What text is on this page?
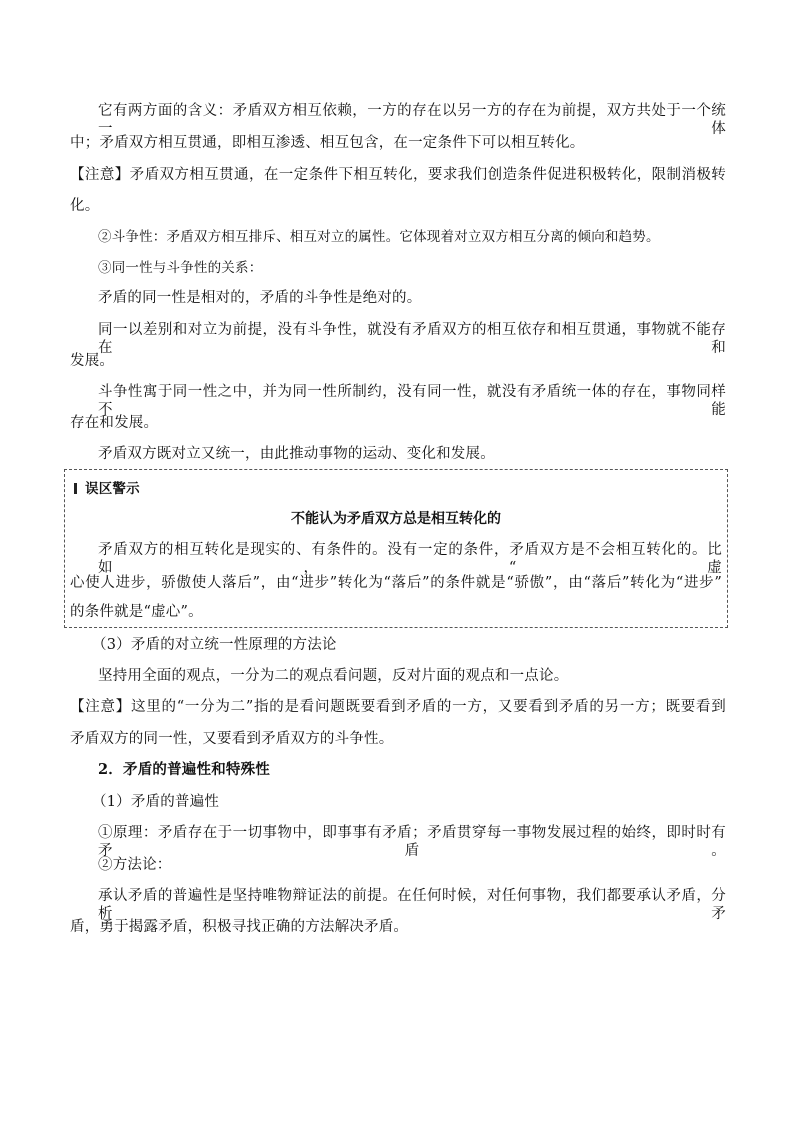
它有两方面的含义：矛盾双方相互依赖，一方的存在以另一方的存在为前提，双方共处于一个统一体
中；矛盾双方相互贯通，即相互渗透、相互包含，在一定条件下可以相互转化。
【注意】矛盾双方相互贯通，在一定条件下相互转化，要求我们创造条件促进积极转化，限制消极转
化。
②斗争性：矛盾双方相互排斥、相互对立的属性。它体现着对立双方相互分离的倾向和趋势。
③同一性与斗争性的关系：
矛盾的同一性是相对的，矛盾的斗争性是绝对的。
同一以差别和对立为前提，没有斗争性，就没有矛盾双方的相互依存和相互贯通，事物就不能存在和
发展。
斗争性寓于同一性之中，并为同一性所制约，没有同一性，就没有矛盾统一体的存在，事物同样不能
存在和发展。
矛盾双方既对立又统一，由此推动事物的运动、变化和发展。
误区警示
不能认为矛盾双方总是相互转化的
矛盾双方的相互转化是现实的、有条件的。没有一定的条件，矛盾双方是不会相互转化的。比如，“虚
心使人进步，骄傲使人落后”，由“进步”转化为“落后”的条件就是“骄傲”，由“落后”转化为“进步”
的条件就是“虚心”。
（3）矛盾的对立统一性原理的方法论
坚持用全面的观点，一分为二的观点看问题，反对片面的观点和一点论。
【注意】这里的“一分为二”指的是看问题既要看到矛盾的一方，又要看到矛盾的另一方；既要看到
矛盾双方的同一性，又要看到矛盾双方的斗争性。
2．矛盾的普遍性和特殊性
（1）矛盾的普遍性
①原理：矛盾存在于一切事物中，即事事有矛盾；矛盾贯穿每一事物发展过程的始终，即时时有矛盾。
②方法论：
承认矛盾的普遍性是坚持唯物辩证法的前提。在任何时候，对任何事物，我们都要承认矛盾，分析矛
盾，勇于揭露矛盾，积极寻找正确的方法解决矛盾。
